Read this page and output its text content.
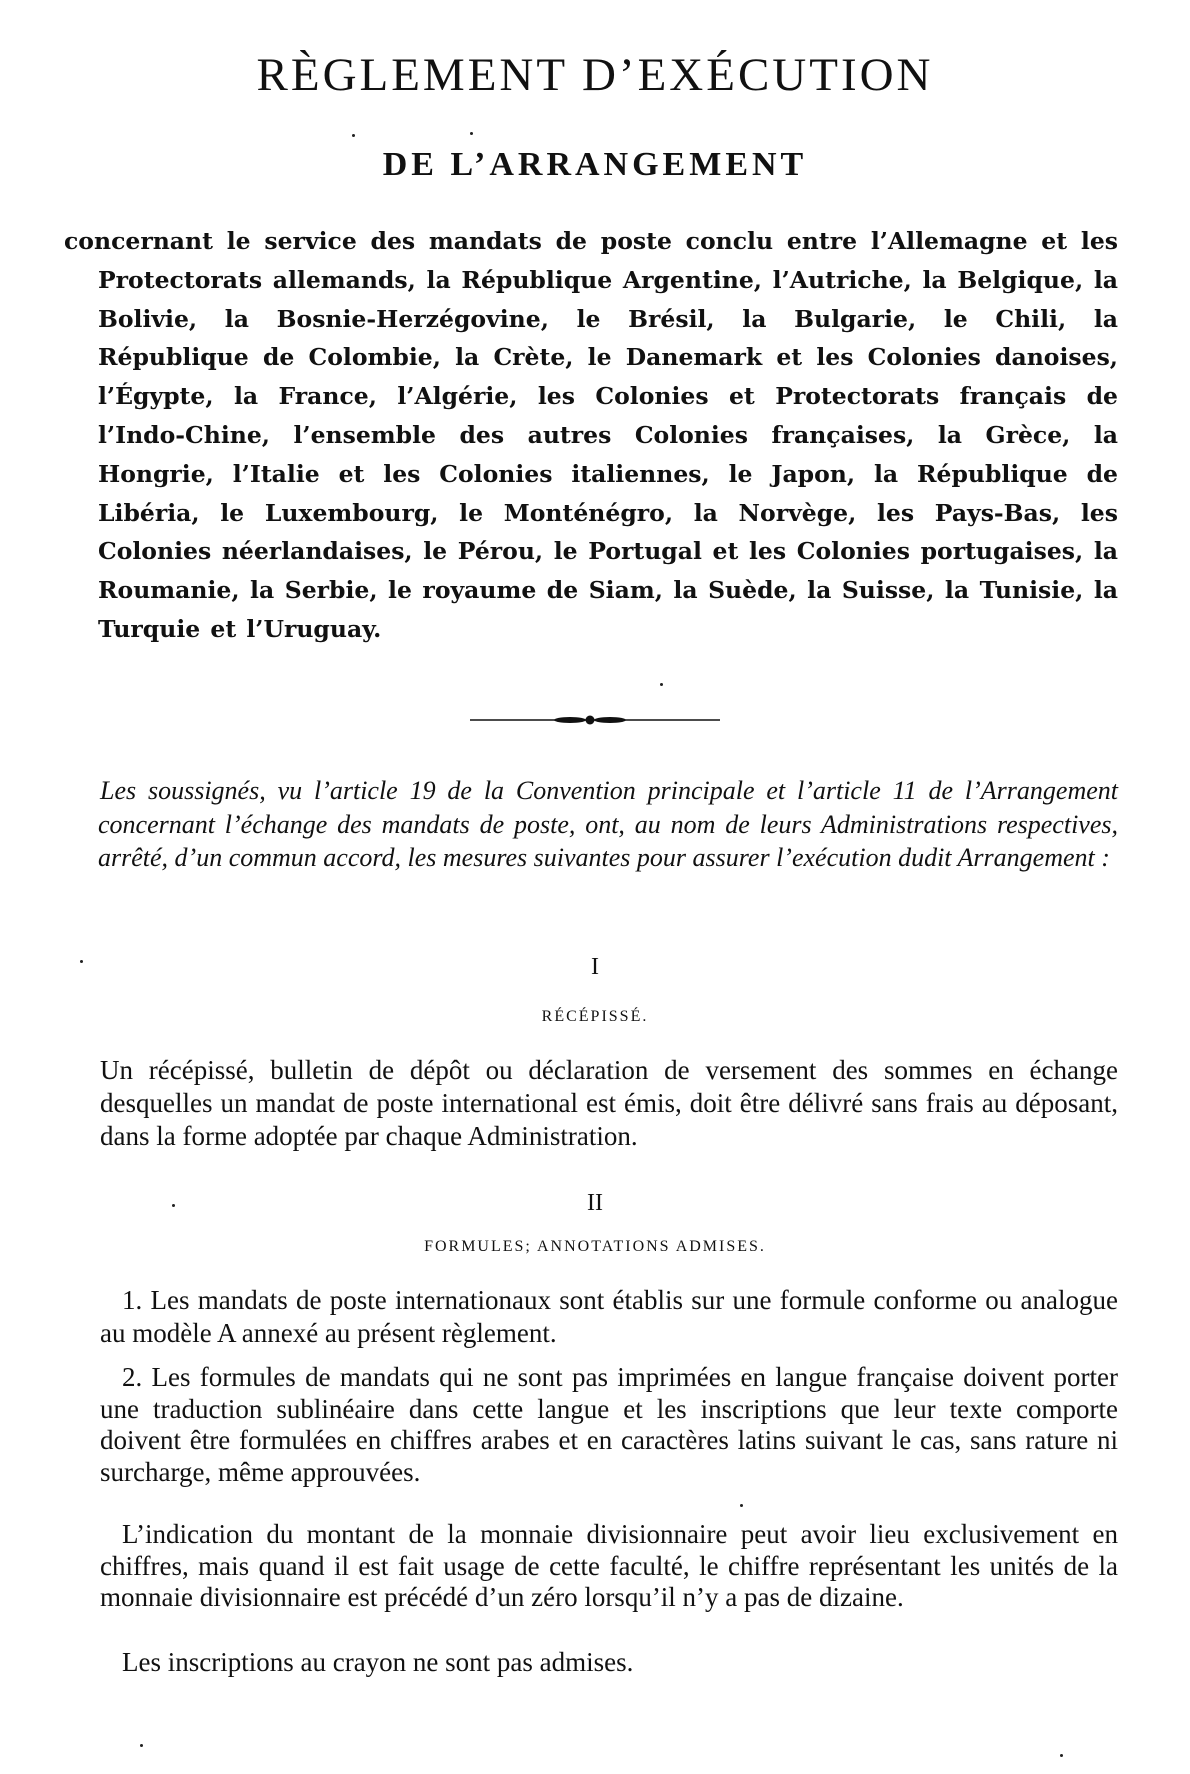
RÈGLEMENT D’EXÉCUTION
DE L’ARRANGEMENT

concernant le service des mandats de poste conclu entre l’Allemagne et les Protectorats allemands, la République Argentine, l’Autriche, la Belgique, la Bolivie, la Bosnie-Herzégovine, le Brésil, la Bulgarie, le Chili, la République de Colombie, la Crète, le Danemark et les Colonies danoises, l’Égypte, la France, l’Algérie, les Colonies et Protectorats français de l’Indo-Chine, l’ensemble des autres Colonies françaises, la Grèce, la Hongrie, l’Italie et les Colonies italiennes, le Japon, la République de Libéria, le Luxembourg, le Monténégro, la Norvège, les Pays-Bas, les Colonies néerlandaises, le Pérou, le Portugal et les Colonies portugaises, la Roumanie, la Serbie, le royaume de Siam, la Suède, la Suisse, la Tunisie, la Turquie et l’Uruguay.

Les soussignés, vu l’article 19 de la Convention principale et l’article 11 de l’Arrangement concernant l’échange des mandats de poste, ont, au nom de leurs Administrations respectives, arrêté, d’un commun accord, les mesures suivantes pour assurer l’exécution dudit Arrangement :

I

RÉCÉPISSÉ.

Un récépissé, bulletin de dépôt ou déclaration de versement des sommes en échange desquelles un mandat de poste international est émis, doit être délivré sans frais au déposant, dans la forme adoptée par chaque Administration.

II

FORMULES; ANNOTATIONS ADMISES.

1. Les mandats de poste internationaux sont établis sur une formule conforme ou analogue au modèle A annexé au présent règlement.

2. Les formules de mandats qui ne sont pas imprimées en langue française doivent porter une traduction sublinéaire dans cette langue et les inscriptions que leur texte comporte doivent être formulées en chiffres arabes et en caractères latins suivant le cas, sans rature ni surcharge, même approuvées.

L’indication du montant de la monnaie divisionnaire peut avoir lieu exclusivement en chiffres, mais quand il est fait usage de cette faculté, le chiffre représentant les unités de la monnaie divisionnaire est précédé d’un zéro lorsqu’il n’y a pas de dizaine.

Les inscriptions au crayon ne sont pas admises.
